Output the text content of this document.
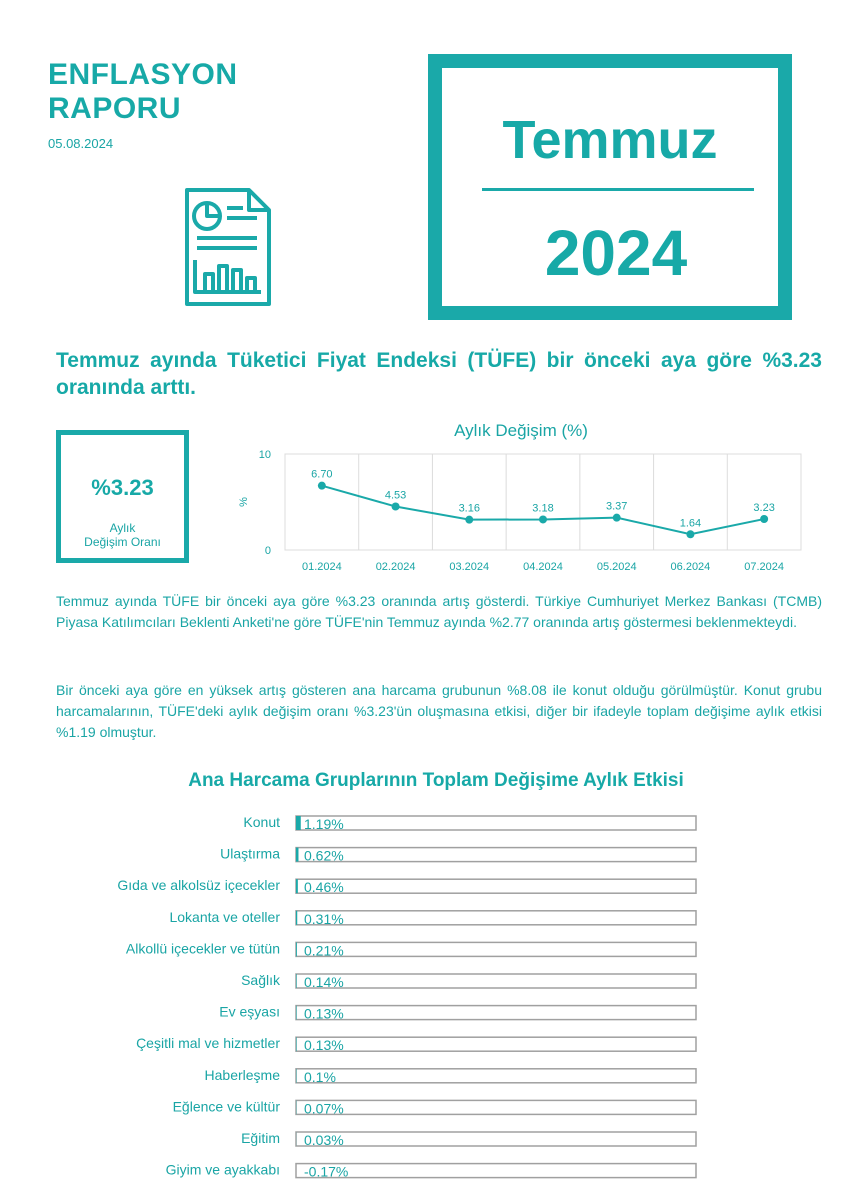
ENFLASYON
RAPORU
05.08.2024	Temmuz
2024

Temmuz ayında Tüketici Fiyat Endeksi (TÜFE) bir önceki aya göre %3.23 oranında arttı.

%3.23
Aylık
Değişim Oranı
Aylık Değişim (%)
10
0
%
6.70
01.2024
4.53
02.2024
3.16
03.2024
3.18
04.2024
3.37
05.2024
1.64
06.2024
3.23
07.2024

Temmuz ayında TÜFE bir önceki aya göre %3.23 oranında artış gösterdi. Türkiye Cumhuriyet Merkez Bankası (TCMB) Piyasa Katılımcıları Beklenti Anketi'ne göre TÜFE'nin Temmuz ayında %2.77 oranında artış göstermesi beklenmekteydi.

Bir önceki aya göre en yüksek artış gösteren ana harcama grubunun %8.08 ile konut olduğu görülmüştür. Konut grubu harcamalarının, TÜFE'deki aylık değişim oranı %3.23'ün oluşmasına etkisi, diğer bir ifadeyle toplam değişime aylık etkisi %1.19 olmuştur.

Ana Harcama Gruplarının Toplam Değişime Aylık Etkisi
Konut 1.19%
Ulaştırma 0.62%
Gıda ve alkolsüz içecekler 0.46%
Lokanta ve oteller 0.31%
Alkollü içecekler ve tütün 0.21%
Sağlık 0.14%
Ev eşyası 0.13%
Çeşitli mal ve hizmetler 0.13%
Haberleşme 0.1%
Eğlence ve kültür 0.07%
Eğitim 0.03%
Giyim ve ayakkabı -0.17%
